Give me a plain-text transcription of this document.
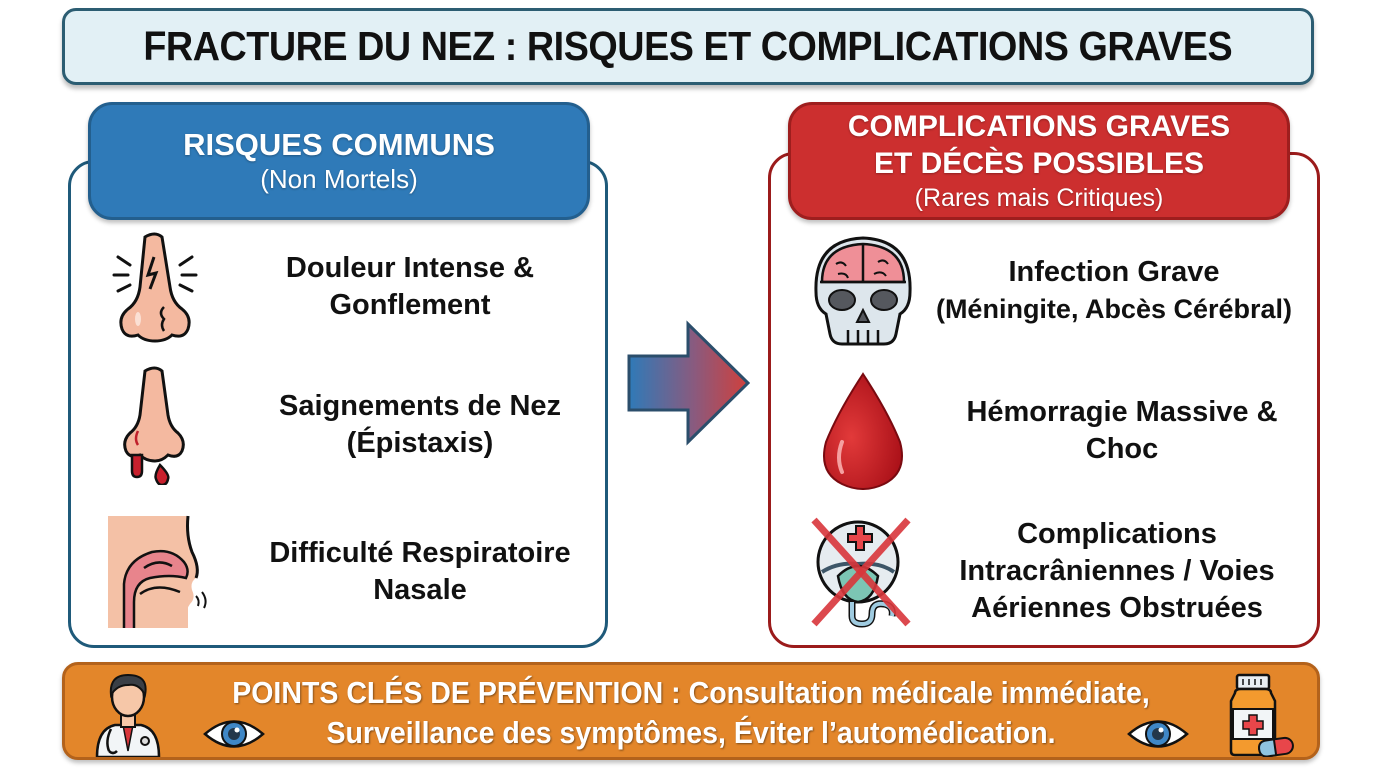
FRACTURE DU NEZ : RISQUES ET COMPLICATIONS GRAVES
RISQUES COMMUNS
(Non Mortels)
Douleur Intense &
Gonflement
Saignements de Nez
(Épistaxis)
Difficulté Respiratoire
Nasale
COMPLICATIONS GRAVES
ET DÉCÈS POSSIBLES
(Rares mais Critiques)
Infection Grave
(Méningite, Abcès Cérébral)
Hémorragie Massive &
Choc
Complications
Intracrâniennes / Voies
Aériennes Obstruées
POINTS CLÉS DE PRÉVENTION : Consultation médicale immédiate,
Surveillance des symptômes, Éviter l’automédication.
